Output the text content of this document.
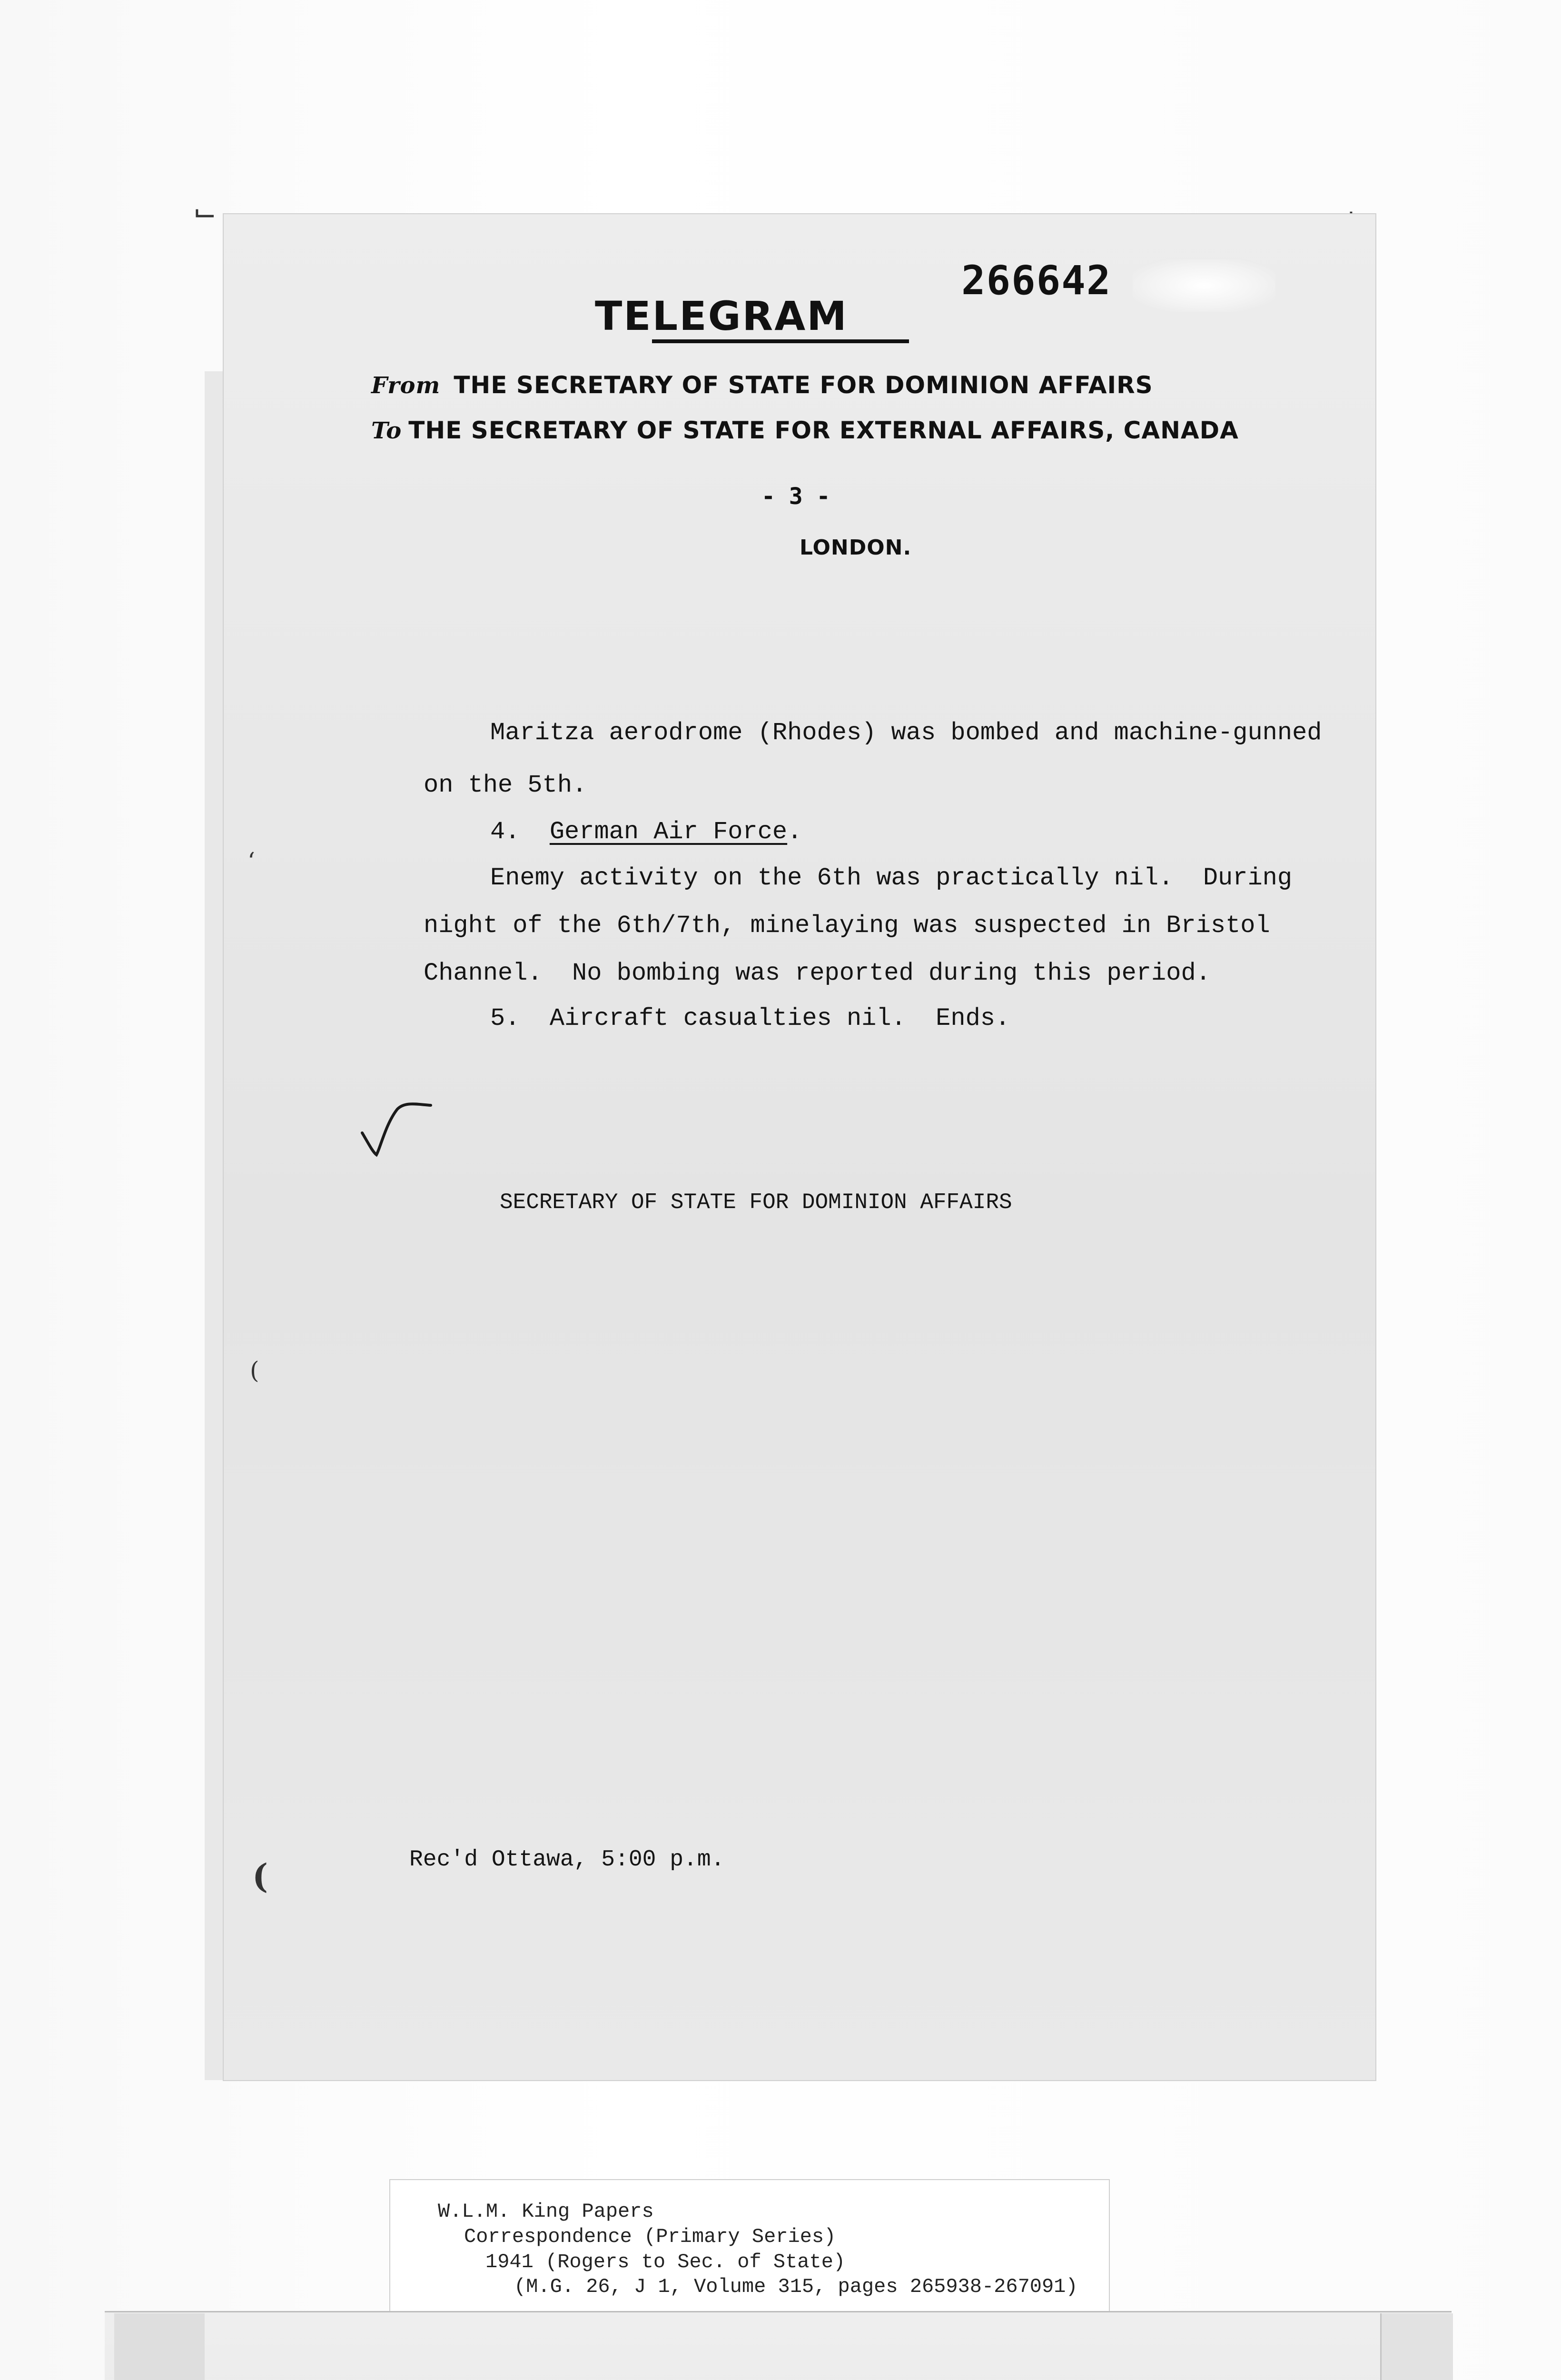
⌙
266642
TELEGRAM
From THE SECRETARY OF STATE FOR DOMINION AFFAIRS
To THE SECRETARY OF STATE FOR EXTERNAL AFFAIRS, CANADA
- 3 -
LONDON.
Maritza aerodrome (Rhodes) was bombed and machine-gunned
on the 5th.
4. German Air Force.
Enemy activity on the 6th was practically nil.  During
night of the 6th/7th, minelaying was suspected in Bristol
Channel.  No bombing was reported during this period.
5. Aircraft casualties nil.  Ends.
SECRETARY OF STATE FOR DOMINION AFFAIRS
Rec'd Ottawa, 5:00 p.m.
‘
(
(
W.L.M. King Papers
Correspondence (Primary Series)
1941 (Rogers to Sec. of State)
(M.G. 26, J 1, Volume 315, pages 265938-267091)
